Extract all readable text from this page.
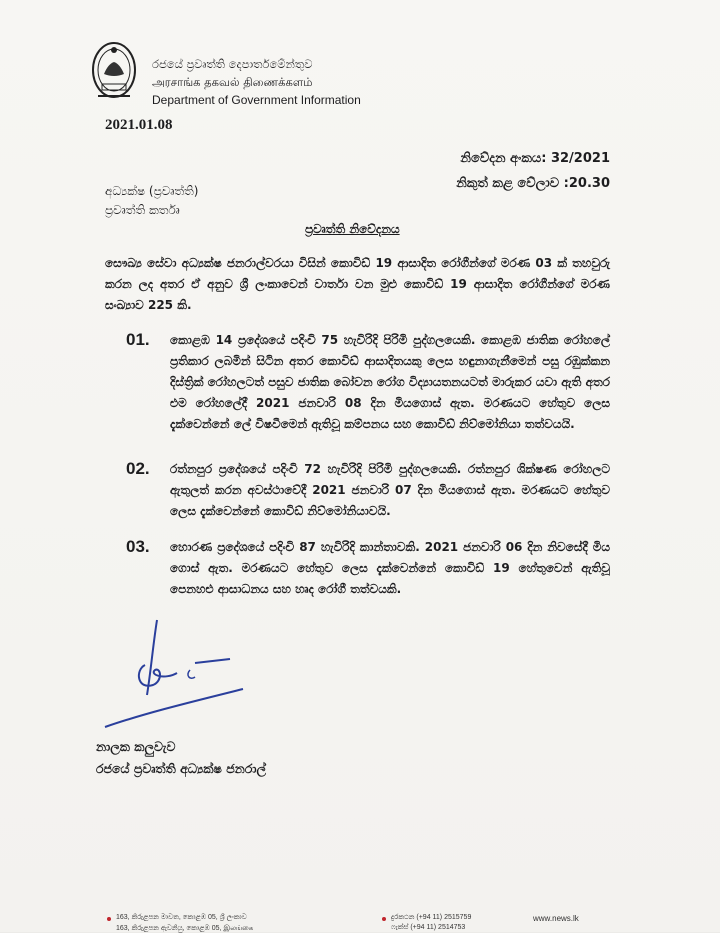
රජයේ ප්‍රවෘත්ති දෙපාර්තමේන්තුව
அரசாங்க தகவல் திணைக்களம்
Department of Government Information
2021.01.08
නිවේදන අංකය: 32/2021
නිකුත් කළ වේලාව :20.30
අධ්‍යක්ෂ (ප්‍රවෘත්ති)
ප්‍රවෘත්ති කර්තෘ
ප්‍රවෘත්ති නිවේදනය
සෞඛ්‍ය සේවා අධ්‍යක්ෂ ජනරාල්වරයා විසින් කොවිඩ් 19 ආසාදිත රෝගීන්ගේ මරණ 03 ක් තහවුරු කරන ලද අතර ඒ අනුව ශ්‍රී ලංකාවෙන් වාර්තා වන මුළු කොවිඩ් 19 ආසාදිත රෝගීන්ගේ මරණ සංඛ්‍යාව 225 කි.
01. කොළඹ 14 ප්‍රදේශයේ පදිංචි 75 හැවිරිදි පිරිමි පුද්ගලයෙකි. කොළඹ ජාතික රෝහලේ ප්‍රතිකාර ලබමින් සිටින අතර කොවිඩ් ආසාදිතයකු ලෙස හඳුනාගැනීමෙන් පසු රඹුක්කන දිස්ත්‍රික් රෝහලටත් පසුව ජාතික බෝවන රෝග විද්‍යායතනයටත් මාරුකර යවා ඇති අතර එම රෝහලේදී 2021 ජනවාරි 08 දින මියගොස් ඇත. මරණයට හේතුව ලෙස දැක්වෙන්නේ ලේ විෂවීමෙන් ඇතිවූ කම්පනය සහ කොවිඩ් නිව්මෝනියා තත්වයයි.
02. රත්නපුර ප්‍රදේශයේ පදිංචි 72 හැවිරිදි පිරිමි පුද්ගලයෙකි. රත්නපුර ශික්ෂණ රෝහලට ඇතුලත් කරන අවස්ථාවේදී 2021 ජනවාරි 07 දින මියගොස් ඇත. මරණයට හේතුව ලෙස දැක්වෙන්නේ කොවිඩ් නිව්මෝනියාවයි.
03. හොරණ ප්‍රදේශයේ පදිංචි 87 හැවිරිදි කාන්තාවකි. 2021 ජනවාරි 06 දින නිවසේදී මිය ගොස් ඇත. මරණයට හේතුව ලෙස දැක්වෙන්නේ කොවිඩ් 19 හේතුවෙන් ඇතිවූ පෙනහළු ආසාධනය සහ හෘද රෝගී තත්වයකි.
නාලක කලුවැව
රජයේ ප්‍රවෘත්ති අධ්‍යක්ෂ ජනරාල්
163, කිරුළපන මාවත, කොළඹ 05, ශ්‍රී ලංකාව
163, කිරුළපන ඇවනියු, කොළඹ 05, இலங்கை
දුරකථන (+94 11) 2515759
ෆැක්ස් (+94 11) 2514753
www.news.lk
